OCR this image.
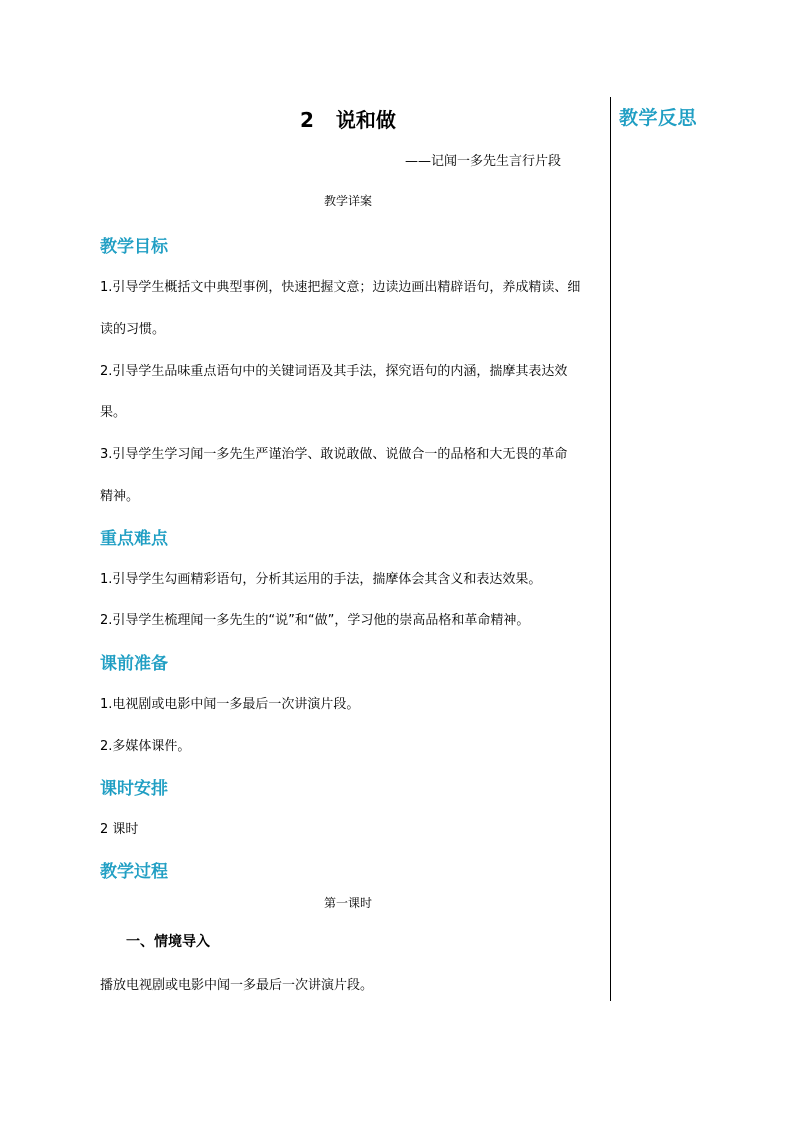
教学反思
2 说和做
——记闻一多先生言行片段
教学详案
教学目标
1.引导学生概括文中典型事例，快速把握文意；边读边画出精辟语句，养成精读、细
读的习惯。
2.引导学生品味重点语句中的关键词语及其手法，探究语句的内涵，揣摩其表达效
果。
3.引导学生学习闻一多先生严谨治学、敢说敢做、说做合一的品格和大无畏的革命
精神。
重点难点
1.引导学生勾画精彩语句，分析其运用的手法，揣摩体会其含义和表达效果。
2.引导学生梳理闻一多先生的“说”和“做”，学习他的崇高品格和革命精神。
课前准备
1.电视剧或电影中闻一多最后一次讲演片段。
2.多媒体课件。
课时安排
2 课时
教学过程
第一课时
一、情境导入
播放电视剧或电影中闻一多最后一次讲演片段。
